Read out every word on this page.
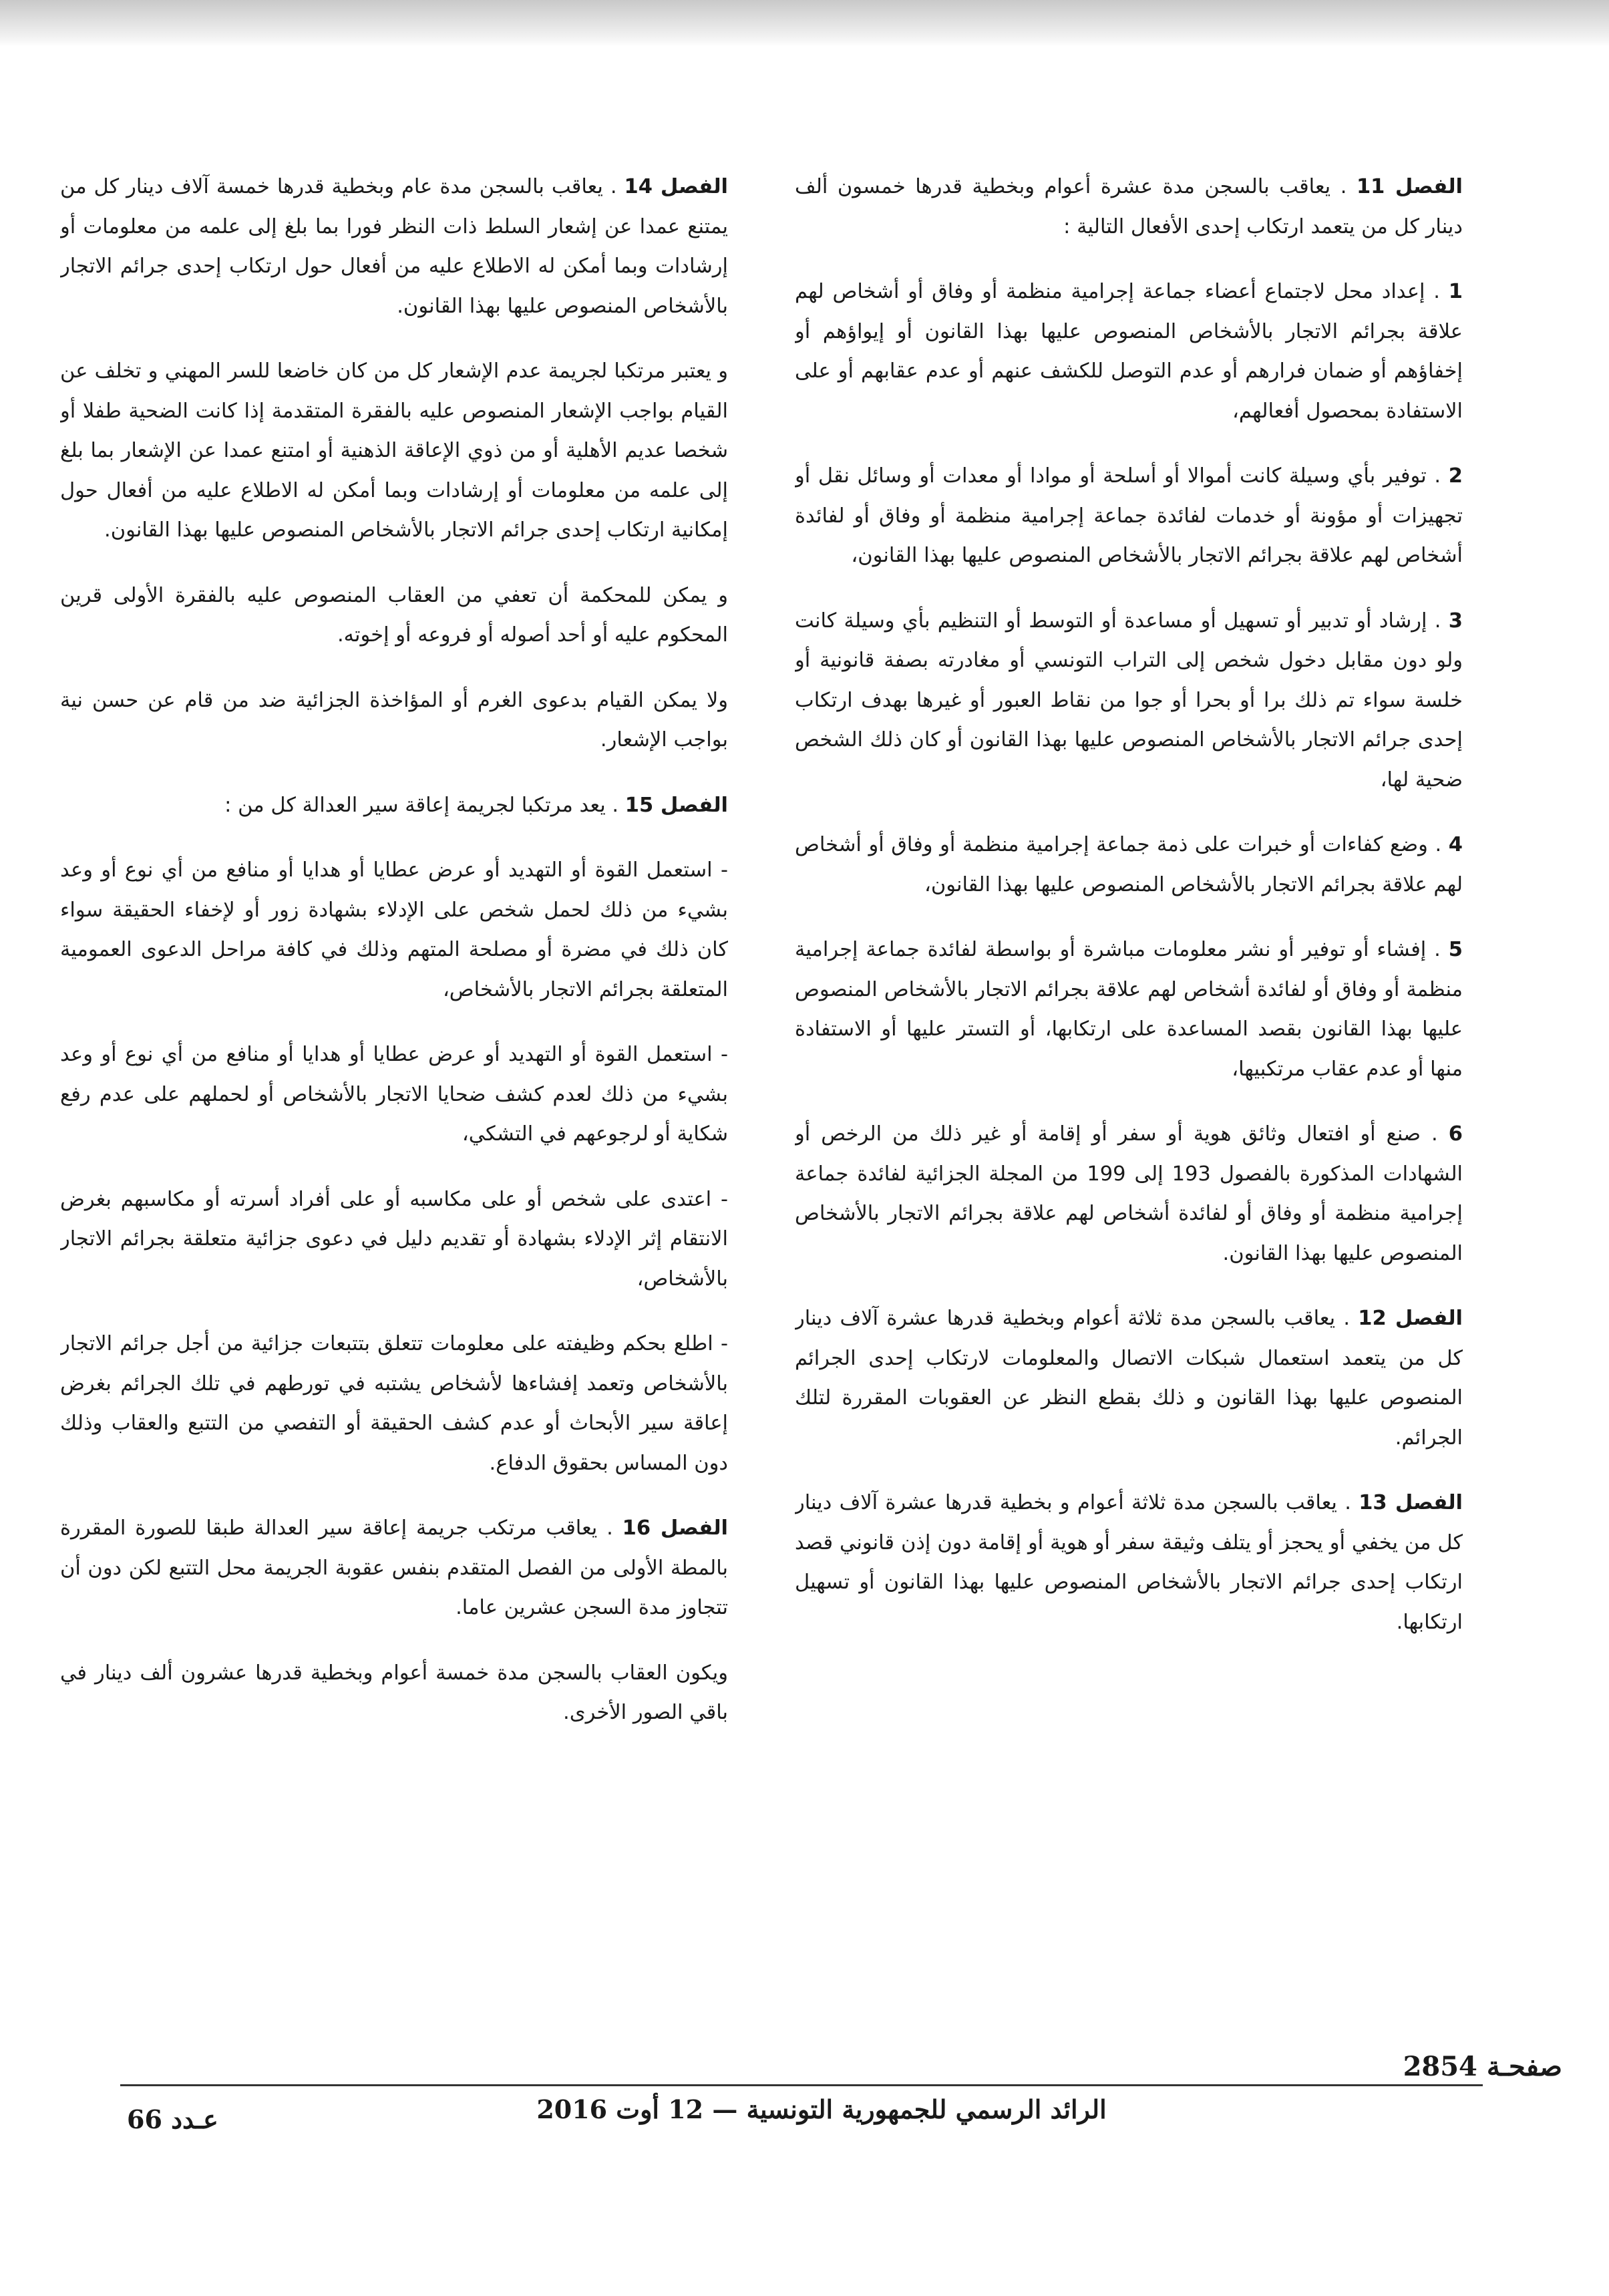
الفصل 11 . يعاقب بالسجن مدة عشرة أعوام وبخطية قدرها خمسون ألف دينار كل من يتعمد ارتكاب إحدى الأفعال التالية :

1 . إعداد محل لاجتماع أعضاء جماعة إجرامية منظمة أو وفاق أو أشخاص لهم علاقة بجرائم الاتجار بالأشخاص المنصوص عليها بهذا القانون أو إيواؤهم أو إخفاؤهم أو ضمان فرارهم أو عدم التوصل للكشف عنهم أو عدم عقابهم أو على الاستفادة بمحصول أفعالهم،

2 . توفير بأي وسيلة كانت أموالا أو أسلحة أو موادا أو معدات أو وسائل نقل أو تجهيزات أو مؤونة أو خدمات لفائدة جماعة إجرامية منظمة أو وفاق أو لفائدة أشخاص لهم علاقة بجرائم الاتجار بالأشخاص المنصوص عليها بهذا القانون،

3 . إرشاد أو تدبير أو تسهيل أو مساعدة أو التوسط أو التنظيم بأي وسيلة كانت ولو دون مقابل دخول شخص إلى التراب التونسي أو مغادرته بصفة قانونية أو خلسة سواء تم ذلك برا أو بحرا أو جوا من نقاط العبور أو غيرها بهدف ارتكاب إحدى جرائم الاتجار بالأشخاص المنصوص عليها بهذا القانون أو كان ذلك الشخص ضحية لها،

4 . وضع كفاءات أو خبرات على ذمة جماعة إجرامية منظمة أو وفاق أو أشخاص لهم علاقة بجرائم الاتجار بالأشخاص المنصوص عليها بهذا القانون،

5 . إفشاء أو توفير أو نشر معلومات مباشرة أو بواسطة لفائدة جماعة إجرامية منظمة أو وفاق أو لفائدة أشخاص لهم علاقة بجرائم الاتجار بالأشخاص المنصوص عليها بهذا القانون بقصد المساعدة على ارتكابها، أو التستر عليها أو الاستفادة منها أو عدم عقاب مرتكبيها،

6 . صنع أو افتعال وثائق هوية أو سفر أو إقامة أو غير ذلك من الرخص أو الشهادات المذكورة بالفصول 193 إلى 199 من المجلة الجزائية لفائدة جماعة إجرامية منظمة أو وفاق أو لفائدة أشخاص لهم علاقة بجرائم الاتجار بالأشخاص المنصوص عليها بهذا القانون.

الفصل 12 . يعاقب بالسجن مدة ثلاثة أعوام وبخطية قدرها عشرة آلاف دينار كل من يتعمد استعمال شبكات الاتصال والمعلومات لارتكاب إحدى الجرائم المنصوص عليها بهذا القانون و ذلك بقطع النظر عن العقوبات المقررة لتلك الجرائم.

الفصل 13 . يعاقب بالسجن مدة ثلاثة أعوام و بخطية قدرها عشرة آلاف دينار كل من يخفي أو يحجز أو يتلف وثيقة سفر أو هوية أو إقامة دون إذن قانوني قصد ارتكاب إحدى جرائم الاتجار بالأشخاص المنصوص عليها بهذا القانون أو تسهيل ارتكابها.

الفصل 14 . يعاقب بالسجن مدة عام وبخطية قدرها خمسة آلاف دينار كل من يمتنع عمدا عن إشعار السلط ذات النظر فورا بما بلغ إلى علمه من معلومات أو إرشادات وبما أمكن له الاطلاع عليه من أفعال حول ارتكاب إحدى جرائم الاتجار بالأشخاص المنصوص عليها بهذا القانون.

و يعتبر مرتكبا لجريمة عدم الإشعار كل من كان خاضعا للسر المهني و تخلف عن القيام بواجب الإشعار المنصوص عليه بالفقرة المتقدمة إذا كانت الضحية طفلا أو شخصا عديم الأهلية أو من ذوي الإعاقة الذهنية أو امتنع عمدا عن الإشعار بما بلغ إلى علمه من معلومات أو إرشادات وبما أمكن له الاطلاع عليه من أفعال حول إمكانية ارتكاب إحدى جرائم الاتجار بالأشخاص المنصوص عليها بهذا القانون.

و يمكن للمحكمة أن تعفي من العقاب المنصوص عليه بالفقرة الأولى قرين المحكوم عليه أو أحد أصوله أو فروعه أو إخوته.

ولا يمكن القيام بدعوى الغرم أو المؤاخذة الجزائية ضد من قام عن حسن نية بواجب الإشعار.

الفصل 15 . يعد مرتكبا لجريمة إعاقة سير العدالة كل من :

- استعمل القوة أو التهديد أو عرض عطايا أو هدايا أو منافع من أي نوع أو وعد بشيء من ذلك لحمل شخص على الإدلاء بشهادة زور أو لإخفاء الحقيقة سواء كان ذلك في مضرة أو مصلحة المتهم وذلك في كافة مراحل الدعوى العمومية المتعلقة بجرائم الاتجار بالأشخاص،

- استعمل القوة أو التهديد أو عرض عطايا أو هدايا أو منافع من أي نوع أو وعد بشيء من ذلك لعدم كشف ضحايا الاتجار بالأشخاص أو لحملهم على عدم رفع شكاية أو لرجوعهم في التشكي،

- اعتدى على شخص أو على مكاسبه أو على أفراد أسرته أو مكاسبهم بغرض الانتقام إثر الإدلاء بشهادة أو تقديم دليل في دعوى جزائية متعلقة بجرائم الاتجار بالأشخاص،

- اطلع بحكم وظيفته على معلومات تتعلق بتتبعات جزائية من أجل جرائم الاتجار بالأشخاص وتعمد إفشاءها لأشخاص يشتبه في تورطهم في تلك الجرائم بغرض إعاقة سير الأبحاث أو عدم كشف الحقيقة أو التفصي من التتبع والعقاب وذلك دون المساس بحقوق الدفاع.

الفصل 16 . يعاقب مرتكب جريمة إعاقة سير العدالة طبقا للصورة المقررة بالمطة الأولى من الفصل المتقدم بنفس عقوبة الجريمة محل التتبع لكن دون أن تتجاوز مدة السجن عشرين عاما.

ويكون العقاب بالسجن مدة خمسة أعوام وبخطية قدرها عشرون ألف دينار في باقي الصور الأخرى.

صفحـة 2854
الرائد الرسمي للجمهورية التونسية — 12 أوت 2016
عـدد 66
